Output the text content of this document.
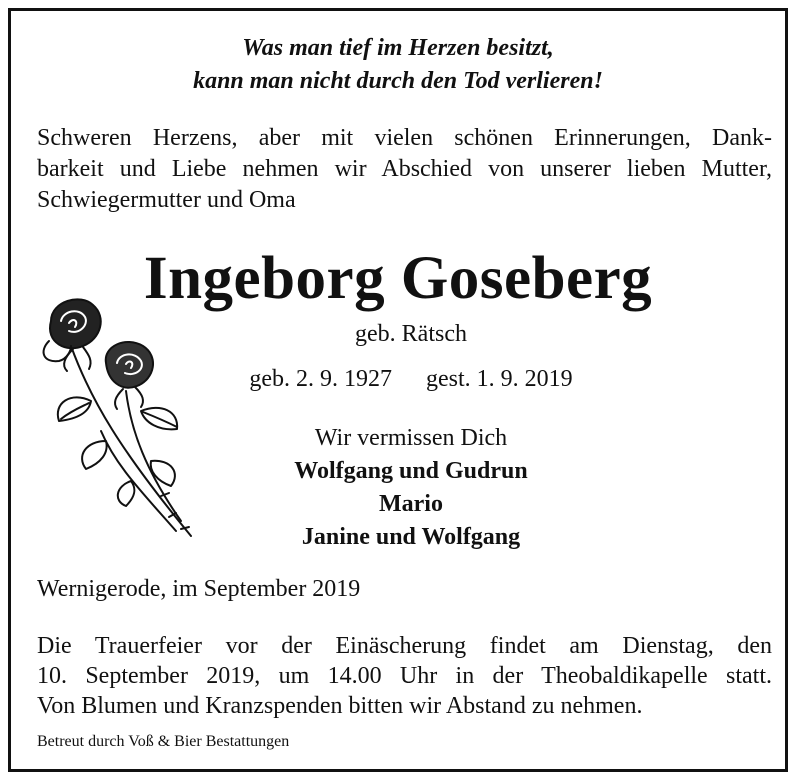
Was man tief im Herzen besitzt,
kann man nicht durch den Tod verlieren!
Schweren Herzens, aber mit vielen schönen Erinnerungen, Dank-
barkeit und Liebe nehmen wir Abschied von unserer lieben Mutter,
Schwiegermutter und Oma
Ingeborg Goseberg
geb. Rätsch
geb. 2. 9. 1927 gest. 1. 9. 2019
Wir vermissen Dich
Wolfgang und Gudrun
Mario
Janine und Wolfgang
Wernigerode, im September 2019
Die Trauerfeier vor der Einäscherung findet am Dienstag, den
10. September 2019, um 14.00 Uhr in der Theobaldikapelle statt.
Von Blumen und Kranzspenden bitten wir Abstand zu nehmen.
Betreut durch Voß & Bier Bestattungen
